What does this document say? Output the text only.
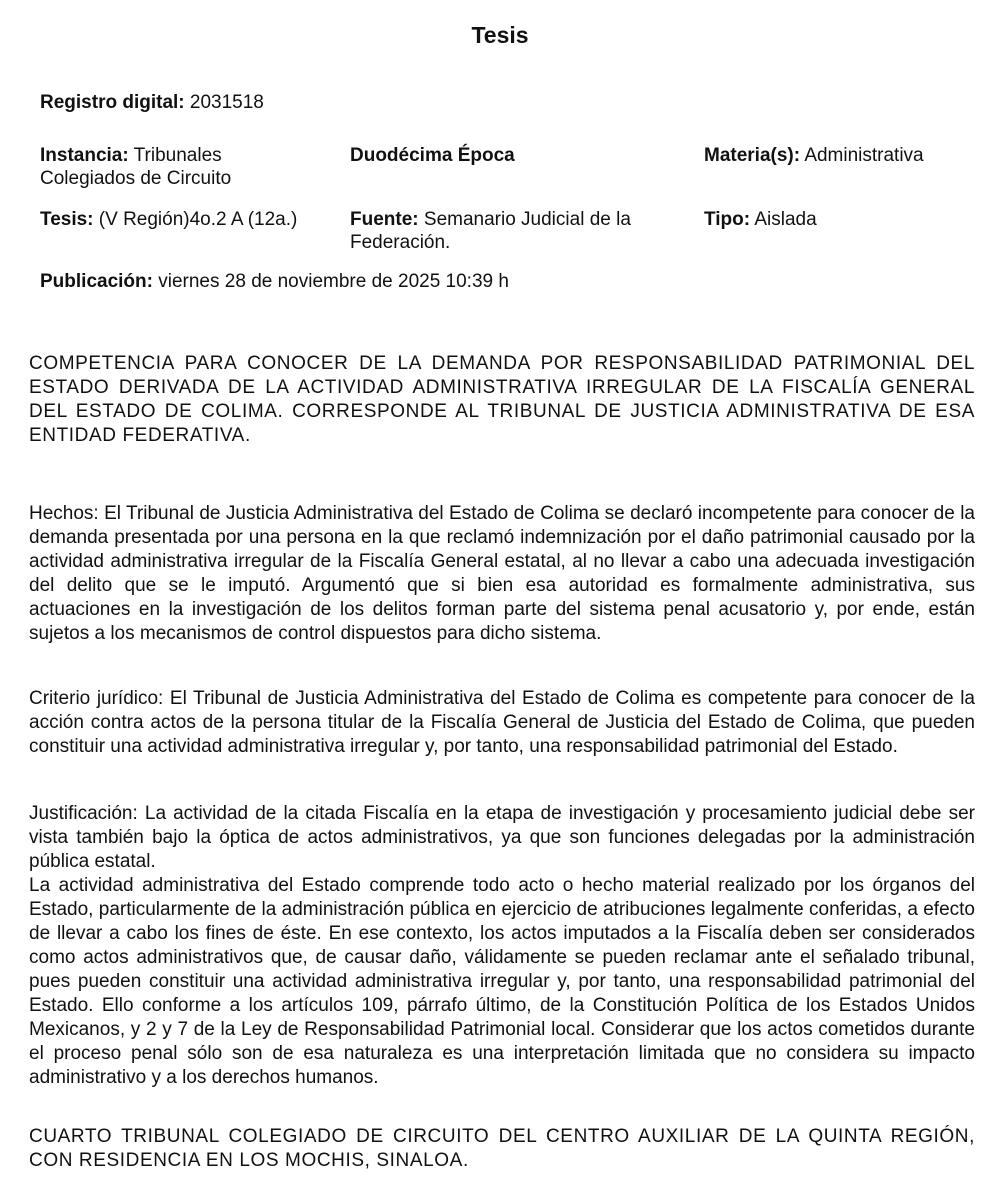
Tesis
Registro digital: 2031518
Instancia: Tribunales
Colegiados de Circuito
Duodécima Época	Materia(s): Administrativa
Tesis: (V Región)4o.2 A (12a.)	Fuente: Semanario Judicial de la
Federación.
Tipo: Aislada
Publicación: viernes 28 de noviembre de 2025 10:39 h
COMPETENCIA PARA CONOCER DE LA DEMANDA POR RESPONSABILIDAD PATRIMONIAL DEL ESTADO DERIVADA DE LA ACTIVIDAD ADMINISTRATIVA IRREGULAR DE LA FISCALÍA GENERAL DEL ESTADO DE COLIMA. CORRESPONDE AL TRIBUNAL DE JUSTICIA ADMINISTRATIVA DE ESA ENTIDAD FEDERATIVA.
Hechos: El Tribunal de Justicia Administrativa del Estado de Colima se declaró incompetente para conocer de la demanda presentada por una persona en la que reclamó indemnización por el daño patrimonial causado por la actividad administrativa irregular de la Fiscalía General estatal, al no llevar a cabo una adecuada investigación del delito que se le imputó. Argumentó que si bien esa autoridad es formalmente administrativa, sus actuaciones en la investigación de los delitos forman parte del sistema penal acusatorio y, por ende, están sujetos a los mecanismos de control dispuestos para dicho sistema.
Criterio jurídico: El Tribunal de Justicia Administrativa del Estado de Colima es competente para conocer de la acción contra actos de la persona titular de la Fiscalía General de Justicia del Estado de Colima, que pueden constituir una actividad administrativa irregular y, por tanto, una responsabilidad patrimonial del Estado.

Justificación: La actividad de la citada Fiscalía en la etapa de investigación y procesamiento judicial debe ser vista también bajo la óptica de actos administrativos, ya que son funciones delegadas por la administración pública estatal.

La actividad administrativa del Estado comprende todo acto o hecho material realizado por los órganos del Estado, particularmente de la administración pública en ejercicio de atribuciones legalmente conferidas, a efecto de llevar a cabo los fines de éste. En ese contexto, los actos imputados a la Fiscalía deben ser considerados como actos administrativos que, de causar daño, válidamente se pueden reclamar ante el señalado tribunal, pues pueden constituir una actividad administrativa irregular y, por tanto, una responsabilidad patrimonial del Estado. Ello conforme a los artículos 109, párrafo último, de la Constitución Política de los Estados Unidos Mexicanos, y 2 y 7 de la Ley de Responsabilidad Patrimonial local. Considerar que los actos cometidos durante el proceso penal sólo son de esa naturaleza es una interpretación limitada que no considera su impacto administrativo y a los derechos humanos.

CUARTO TRIBUNAL COLEGIADO DE CIRCUITO DEL CENTRO AUXILIAR DE LA QUINTA REGIÓN, CON RESIDENCIA EN LOS MOCHIS, SINALOA.
